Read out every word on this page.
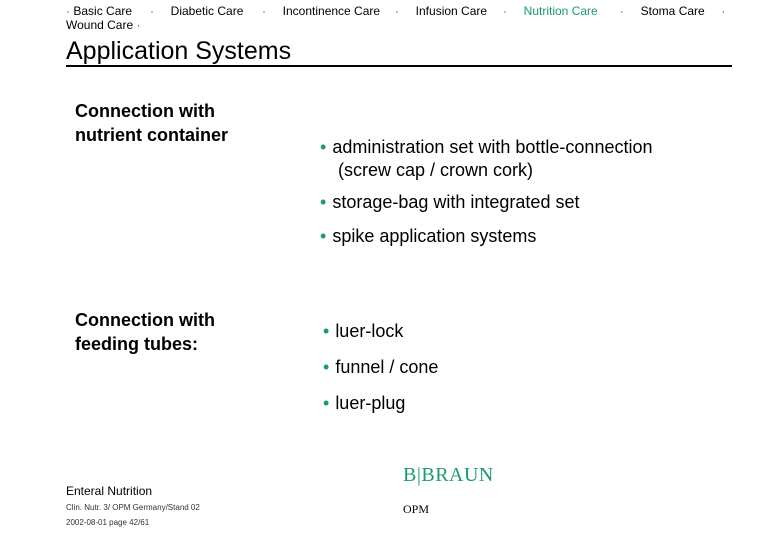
· Basic Care · Diabetic Care · Incontinence Care · Infusion Care · Nutrition Care · Stoma Care ·
Wound Care ·
Application Systems
Connection with
nutrient container
• administration set with bottle-connection
(screw cap / crown cork)
• storage-bag with integrated set
• spike application systems
Connection with
feeding tubes:
• luer-lock
• funnel / cone
• luer-plug
Enteral Nutrition
Clin. Nutr. 3/ OPM Germany/Stand 02
2002-08-01 page 42/61
B|BRAUN
OPM
